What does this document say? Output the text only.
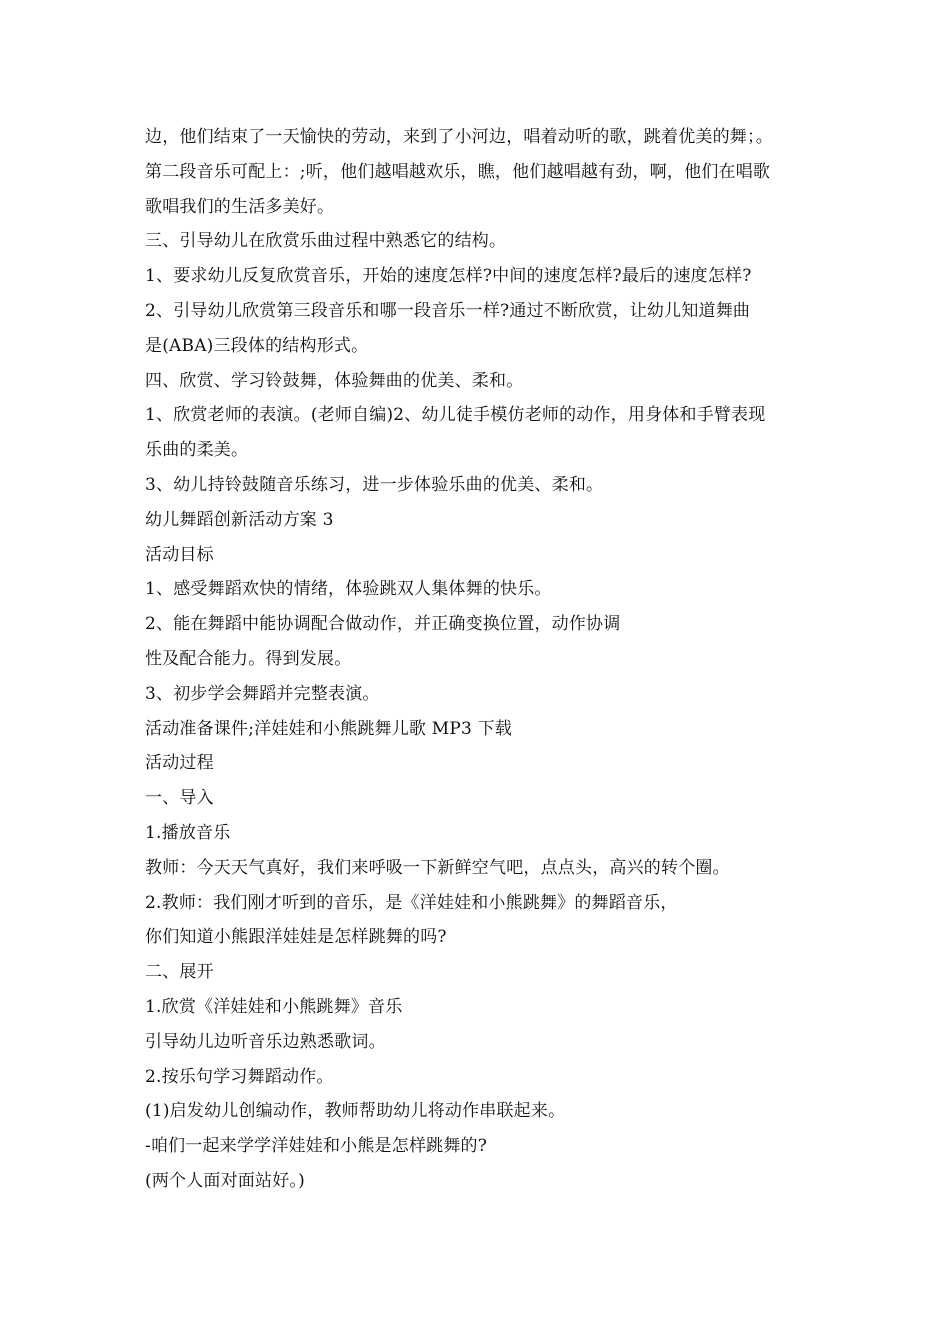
边，他们结束了一天愉快的劳动，来到了小河边，唱着动听的歌，跳着优美的舞；。
第二段音乐可配上：;听，他们越唱越欢乐，瞧，他们越唱越有劲，啊，他们在唱歌
歌唱我们的生活多美好。
三、引导幼儿在欣赏乐曲过程中熟悉它的结构。
1、要求幼儿反复欣赏音乐，开始的速度怎样?中间的速度怎样?最后的速度怎样?
2、引导幼儿欣赏第三段音乐和哪一段音乐一样?通过不断欣赏，让幼儿知道舞曲
是(ABA)三段体的结构形式。
四、欣赏、学习铃鼓舞，体验舞曲的优美、柔和。
1、欣赏老师的表演。(老师自编)2、幼儿徒手模仿老师的动作，用身体和手臂表现
乐曲的柔美。
3、幼儿持铃鼓随音乐练习，进一步体验乐曲的优美、柔和。
幼儿舞蹈创新活动方案 3
活动目标
1、感受舞蹈欢快的情绪，体验跳双人集体舞的快乐。
2、能在舞蹈中能协调配合做动作，并正确变换位置，动作协调
性及配合能力。得到发展。
3、初步学会舞蹈并完整表演。
活动准备课件;洋娃娃和小熊跳舞儿歌 MP3 下载
活动过程
一、导入
1.播放音乐
教师：今天天气真好，我们来呼吸一下新鲜空气吧，点点头，高兴的转个圈。
2.教师：我们刚才听到的音乐，是《洋娃娃和小熊跳舞》的舞蹈音乐，
你们知道小熊跟洋娃娃是怎样跳舞的吗?
二、展开
1.欣赏《洋娃娃和小熊跳舞》音乐
引导幼儿边听音乐边熟悉歌词。
2.按乐句学习舞蹈动作。
(1)启发幼儿创编动作，教师帮助幼儿将动作串联起来。
-咱们一起来学学洋娃娃和小熊是怎样跳舞的?
(两个人面对面站好。)
